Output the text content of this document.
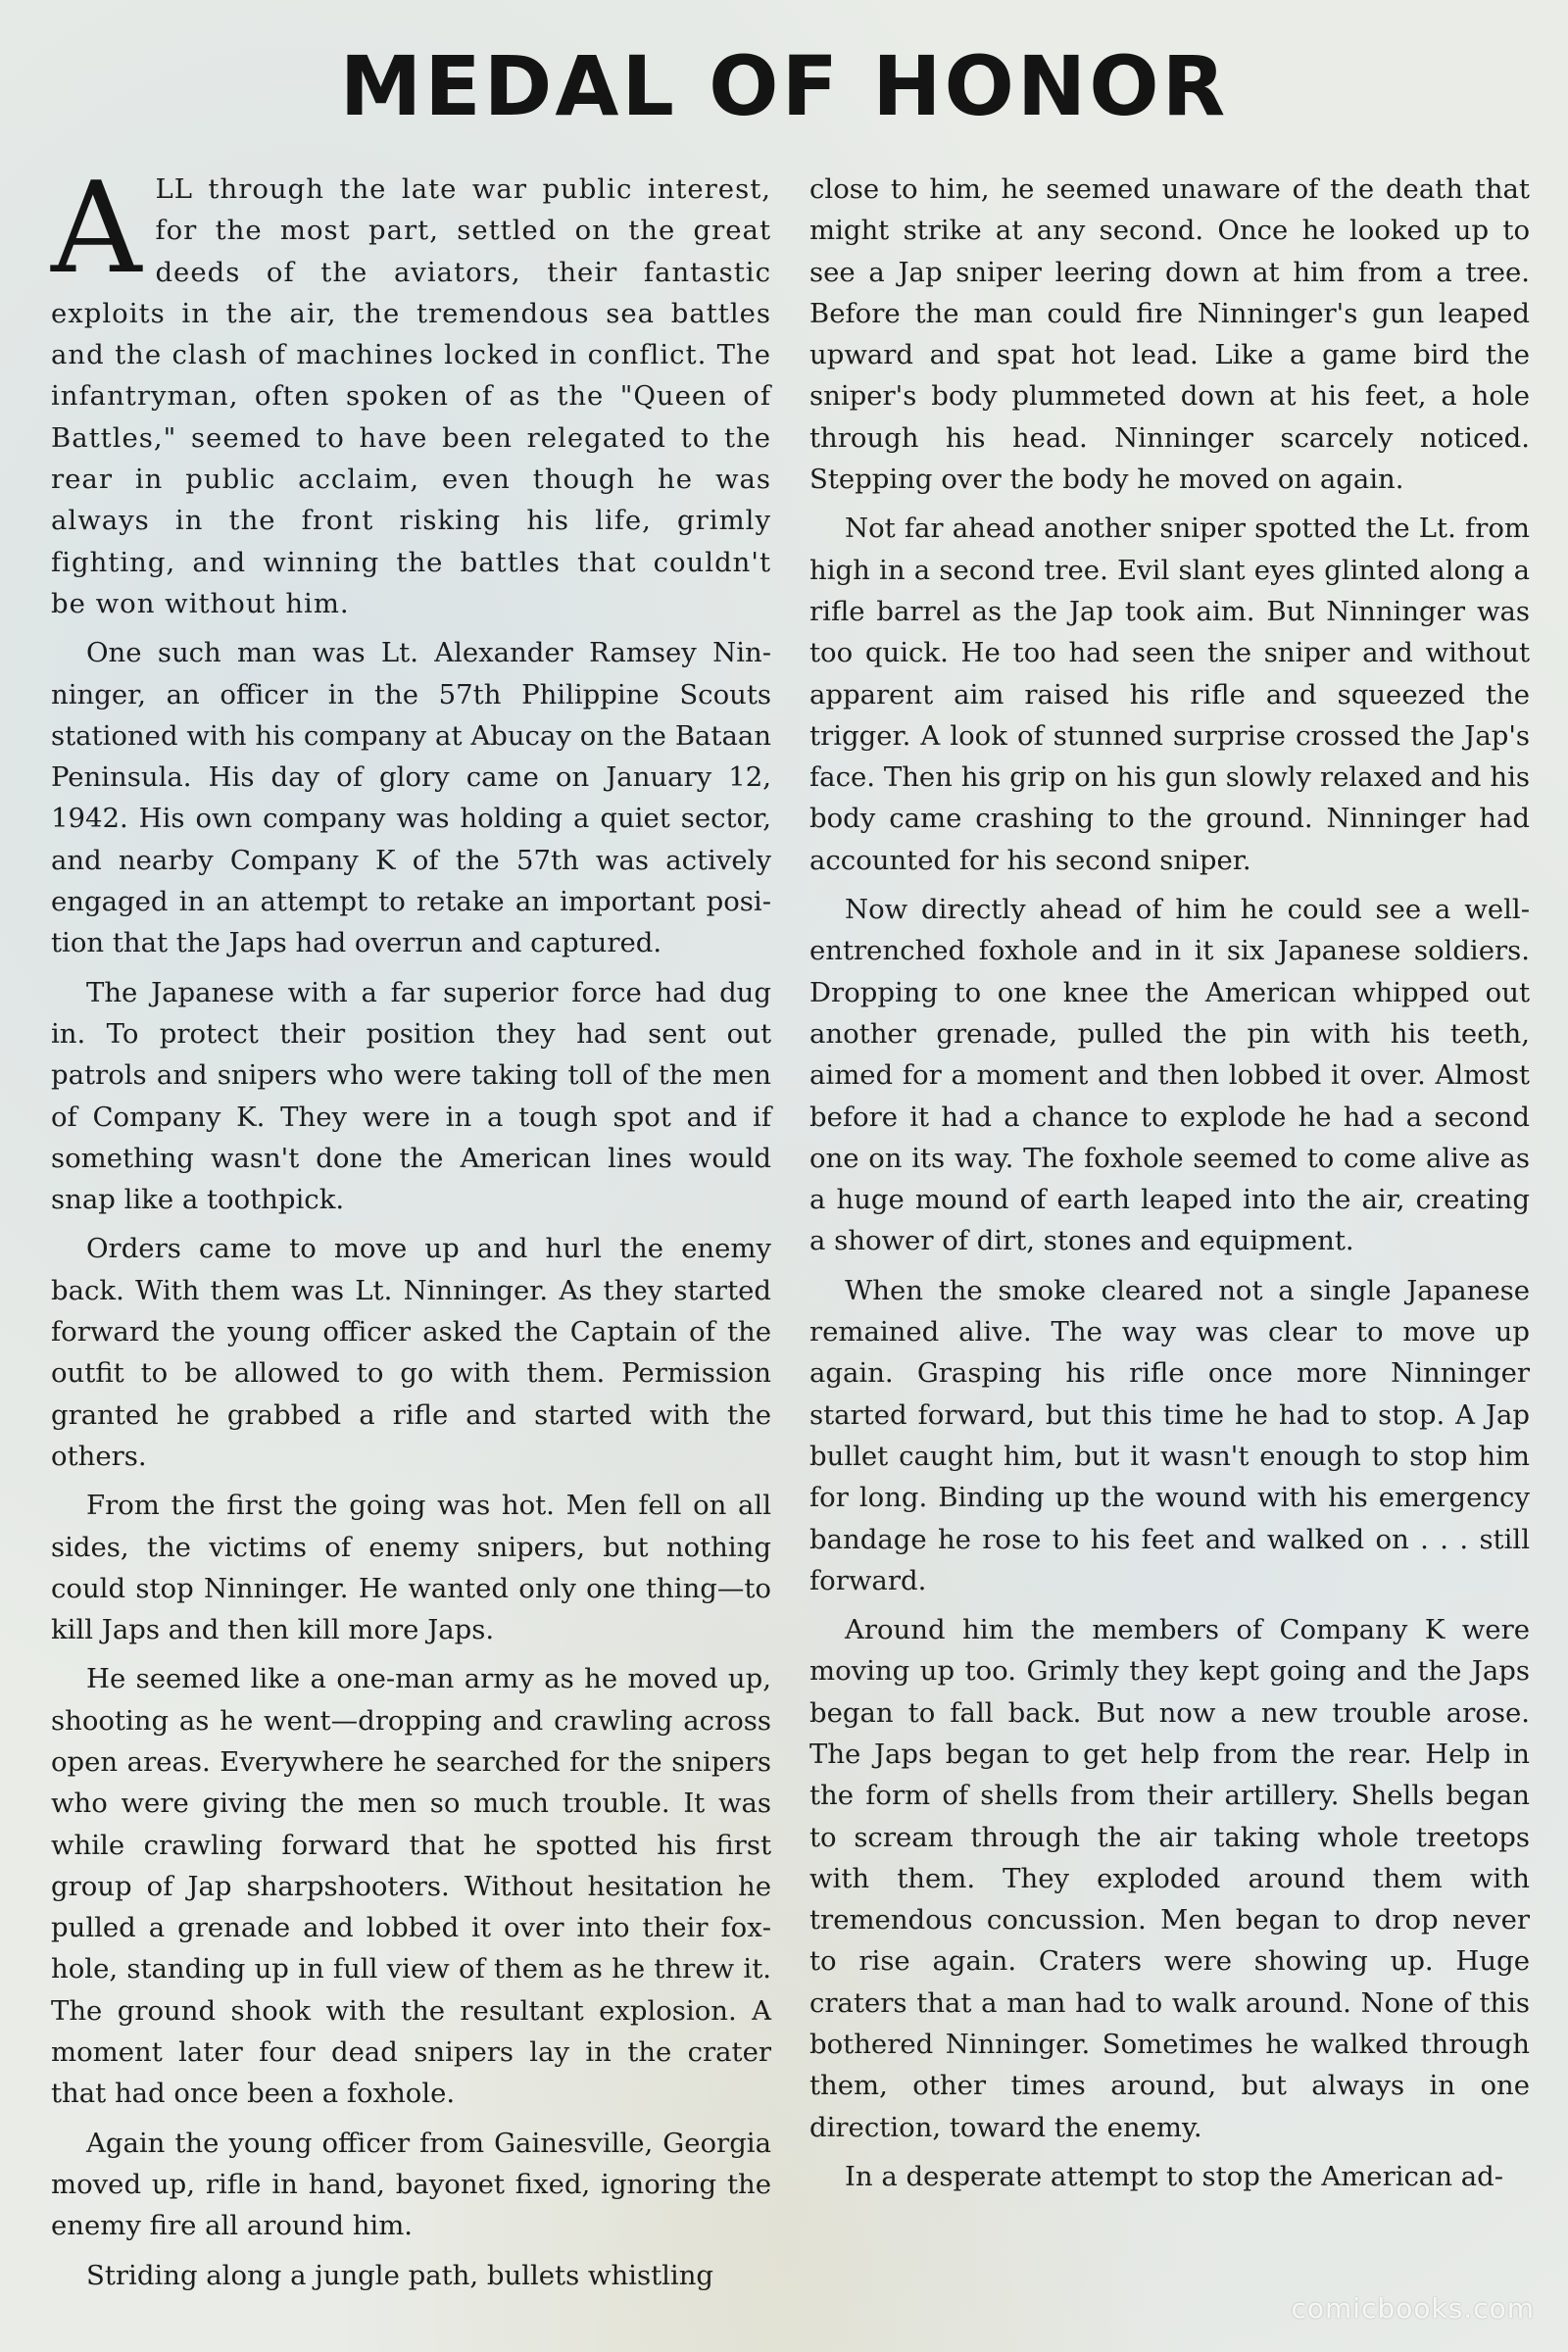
MEDAL OF HONOR

ALL through the late war public interest, for the most part, settled on the great deeds of the aviators, their fantastic exploits in the air, the tremendous sea battles and the clash of machines locked in conflict. The infantryman, often spoken of as the "Queen of Battles," seemed to have been relegated to the rear in public acclaim, even though he was always in the front risking his life, grimly fighting, and winning the battles that couldn't be won without him.

One such man was Lt. Alexander Ramsey Ninninger, an officer in the 57th Philippine Scouts stationed with his company at Abucay on the Bataan Peninsula. His day of glory came on January 12, 1942. His own company was holding a quiet sector, and nearby Company K of the 57th was actively engaged in an attempt to retake an important position that the Japs had overrun and captured.

The Japanese with a far superior force had dug in. To protect their position they had sent out patrols and snipers who were taking toll of the men of Company K. They were in a tough spot and if something wasn't done the American lines would snap like a toothpick.

Orders came to move up and hurl the enemy back. With them was Lt. Ninninger. As they started forward the young officer asked the Captain of the outfit to be allowed to go with them. Permission granted he grabbed a rifle and started with the others.

From the first the going was hot. Men fell on all sides, the victims of enemy snipers, but nothing could stop Ninninger. He wanted only one thing—to kill Japs and then kill more Japs.

He seemed like a one-man army as he moved up, shooting as he went—dropping and crawling across open areas. Everywhere he searched for the snipers who were giving the men so much trouble. It was while crawling forward that he spotted his first group of Jap sharpshooters. Without hesitation he pulled a grenade and lobbed it over into their foxhole, standing up in full view of them as he threw it. The ground shook with the resultant explosion. A moment later four dead snipers lay in the crater that had once been a foxhole.

Again the young officer from Gainesville, Georgia moved up, rifle in hand, bayonet fixed, ignoring the enemy fire all around him.

Striding along a jungle path, bullets whistling

close to him, he seemed unaware of the death that might strike at any second. Once he looked up to see a Jap sniper leering down at him from a tree. Before the man could fire Ninninger's gun leaped upward and spat hot lead. Like a game bird the sniper's body plummeted down at his feet, a hole through his head. Ninninger scarcely noticed. Stepping over the body he moved on again.

Not far ahead another sniper spotted the Lt. from high in a second tree. Evil slant eyes glinted along a rifle barrel as the Jap took aim. But Ninninger was too quick. He too had seen the sniper and without apparent aim raised his rifle and squeezed the trigger. A look of stunned surprise crossed the Jap's face. Then his grip on his gun slowly relaxed and his body came crashing to the ground. Ninninger had accounted for his second sniper.

Now directly ahead of him he could see a well-entrenched foxhole and in it six Japanese soldiers. Dropping to one knee the American whipped out another grenade, pulled the pin with his teeth, aimed for a moment and then lobbed it over. Almost before it had a chance to explode he had a second one on its way. The foxhole seemed to come alive as a huge mound of earth leaped into the air, creating a shower of dirt, stones and equipment.

When the smoke cleared not a single Japanese remained alive. The way was clear to move up again. Grasping his rifle once more Ninninger started forward, but this time he had to stop. A Jap bullet caught him, but it wasn't enough to stop him for long. Binding up the wound with his emergency bandage he rose to his feet and walked on . . . still forward.

Around him the members of Company K were moving up too. Grimly they kept going and the Japs began to fall back. But now a new trouble arose. The Japs began to get help from the rear. Help in the form of shells from their artillery. Shells began to scream through the air taking whole treetops with them. They exploded around them with tremendous concussion. Men began to drop never to rise again. Craters were showing up. Huge craters that a man had to walk around. None of this bothered Ninninger. Sometimes he walked through them, other times around, but always in one direction, toward the enemy.

In a desperate attempt to stop the American ad-

comicbooks.com
